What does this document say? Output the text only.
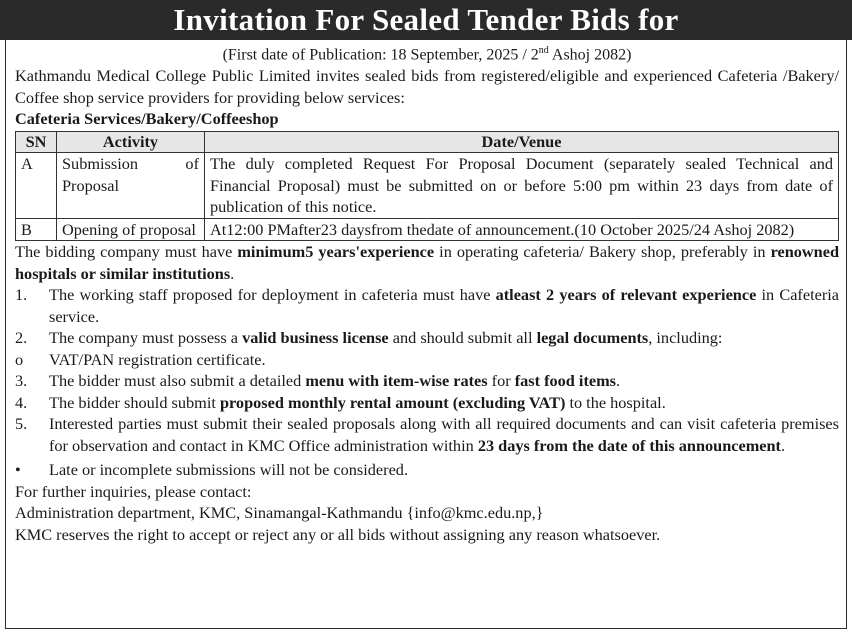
Invitation For Sealed Tender Bids for
(First date of Publication: 18 September, 2025 / 2nd Ashoj 2082)

Kathmandu Medical College Public Limited invites sealed bids from registered/eligible and experienced Cafeteria /Bakery/ Coffee shop service providers for providing below services:

Cafeteria Services/Bakery/Coffeeshop

SN	Activity	Date/Venue
A	Submission of Proposal	The duly completed Request For Proposal Document (separately sealed Technical and Financial Proposal) must be submitted on or before 5:00 pm within 23 days from date of publication of this notice.
B	Opening of proposal	At12:00 PMafter23 daysfrom thedate of announcement.(10 October 2025/24 Ashoj 2082)

The bidding company must have minimum5 years'experience in operating cafeteria/ Bakery shop, preferably in renowned hospitals or similar institutions.

1. The working staff proposed for deployment in cafeteria must have atleast 2 years of relevant experience in Cafeteria service.
2. The company must possess a valid business license and should submit all legal documents, including:
o VAT/PAN registration certificate.
3. The bidder must also submit a detailed menu with item-wise rates for fast food items.
4. The bidder should submit proposed monthly rental amount (excluding VAT) to the hospital.
5. Interested parties must submit their sealed proposals along with all required documents and can visit cafeteria premises for observation and contact in KMC Office administration within 23 days from the date of this announcement.
• Late or incomplete submissions will not be considered.

For further inquiries, please contact:

Administration department, KMC, Sinamangal-Kathmandu {info@kmc.edu.np,}

KMC reserves the right to accept or reject any or all bids without assigning any reason whatsoever.
